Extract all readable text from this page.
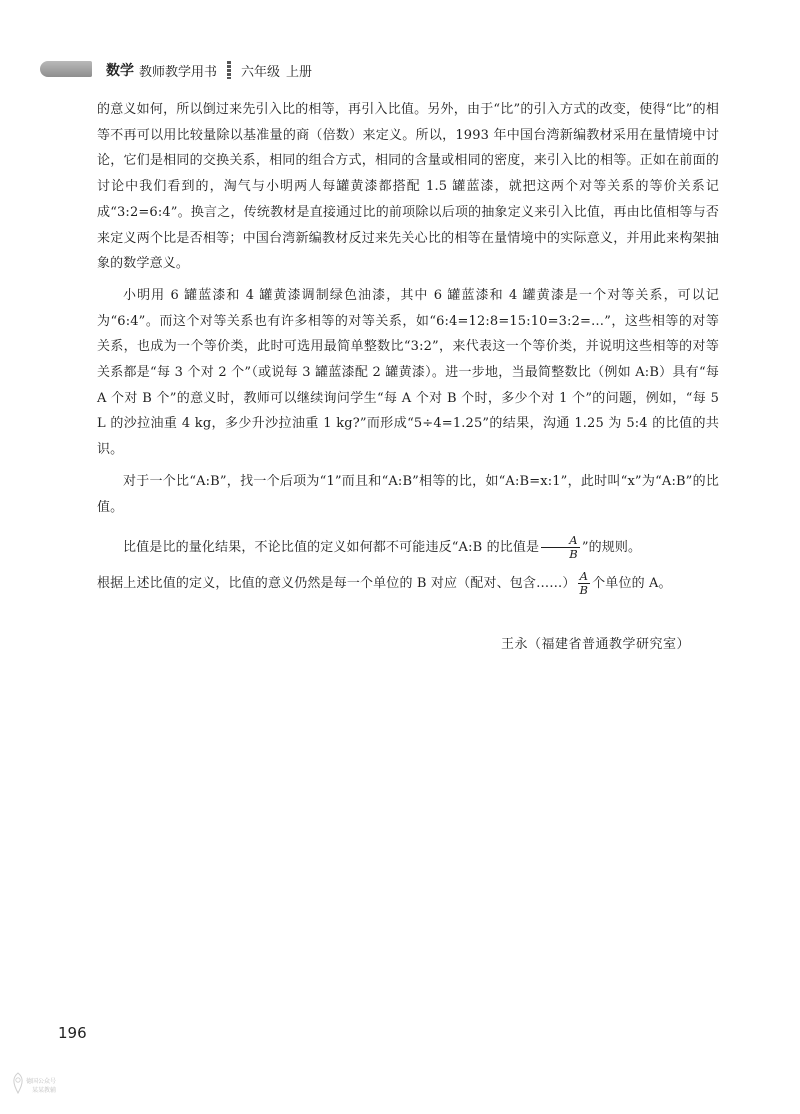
数学 教师教学用书 六年级 上册

的意义如何，所以倒过来先引入比的相等，再引入比值。另外，由于“比”的引入方式的改变，使得“比”的相等不再可以用比较量除以基准量的商（倍数）来定义。所以，1993 年中国台湾新编教材采用在量情境中讨论，它们是相同的交换关系，相同的组合方式，相同的含量或相同的密度，来引入比的相等。正如在前面的讨论中我们看到的，淘气与小明两人每罐黄漆都搭配 1.5 罐蓝漆，就把这两个对等关系的等价关系记成“3:2=6:4”。换言之，传统教材是直接通过比的前项除以后项的抽象定义来引入比值，再由比值相等与否来定义两个比是否相等；中国台湾新编教材反过来先关心比的相等在量情境中的实际意义，并用此来构架抽象的数学意义。

小明用 6 罐蓝漆和 4 罐黄漆调制绿色油漆，其中 6 罐蓝漆和 4 罐黄漆是一个对等关系，可以记为“6:4”。而这个对等关系也有许多相等的对等关系，如“6:4=12:8=15:10=3:2=…”，这些相等的对等关系，也成为一个等价类，此时可选用最简单整数比“3:2”，来代表这一个等价类，并说明这些相等的对等关系都是“每 3 个对 2 个”（或说每 3 罐蓝漆配 2 罐黄漆）。进一步地，当最简整数比（例如 A:B）具有“每 A 个对 B 个”的意义时，教师可以继续询问学生“每 A 个对 B 个时，多少个对 1 个”的问题，例如，“每 5 L 的沙拉油重 4 kg，多少升沙拉油重 1 kg?”而形成“5÷4=1.25”的结果，沟通 1.25 为 5:4 的比值的共识。

对于一个比“A:B”，找一个后项为“1”而且和“A:B”相等的比，如“A:B=x:1”，此时叫“x”为“A:B”的比值。

比值是比的量化结果，不论比值的定义如何都不可能违反“A:B 的比值是 $\frac{A}{B}$ ”的规则。

根据上述比值的定义，比值的意义仍然是每一个单位的 B 对应（配对、包含……） $\frac{A}{B}$ 个单位的 A。

王永（福建省普通教学研究室）
196
德国公众号
某某教辅
